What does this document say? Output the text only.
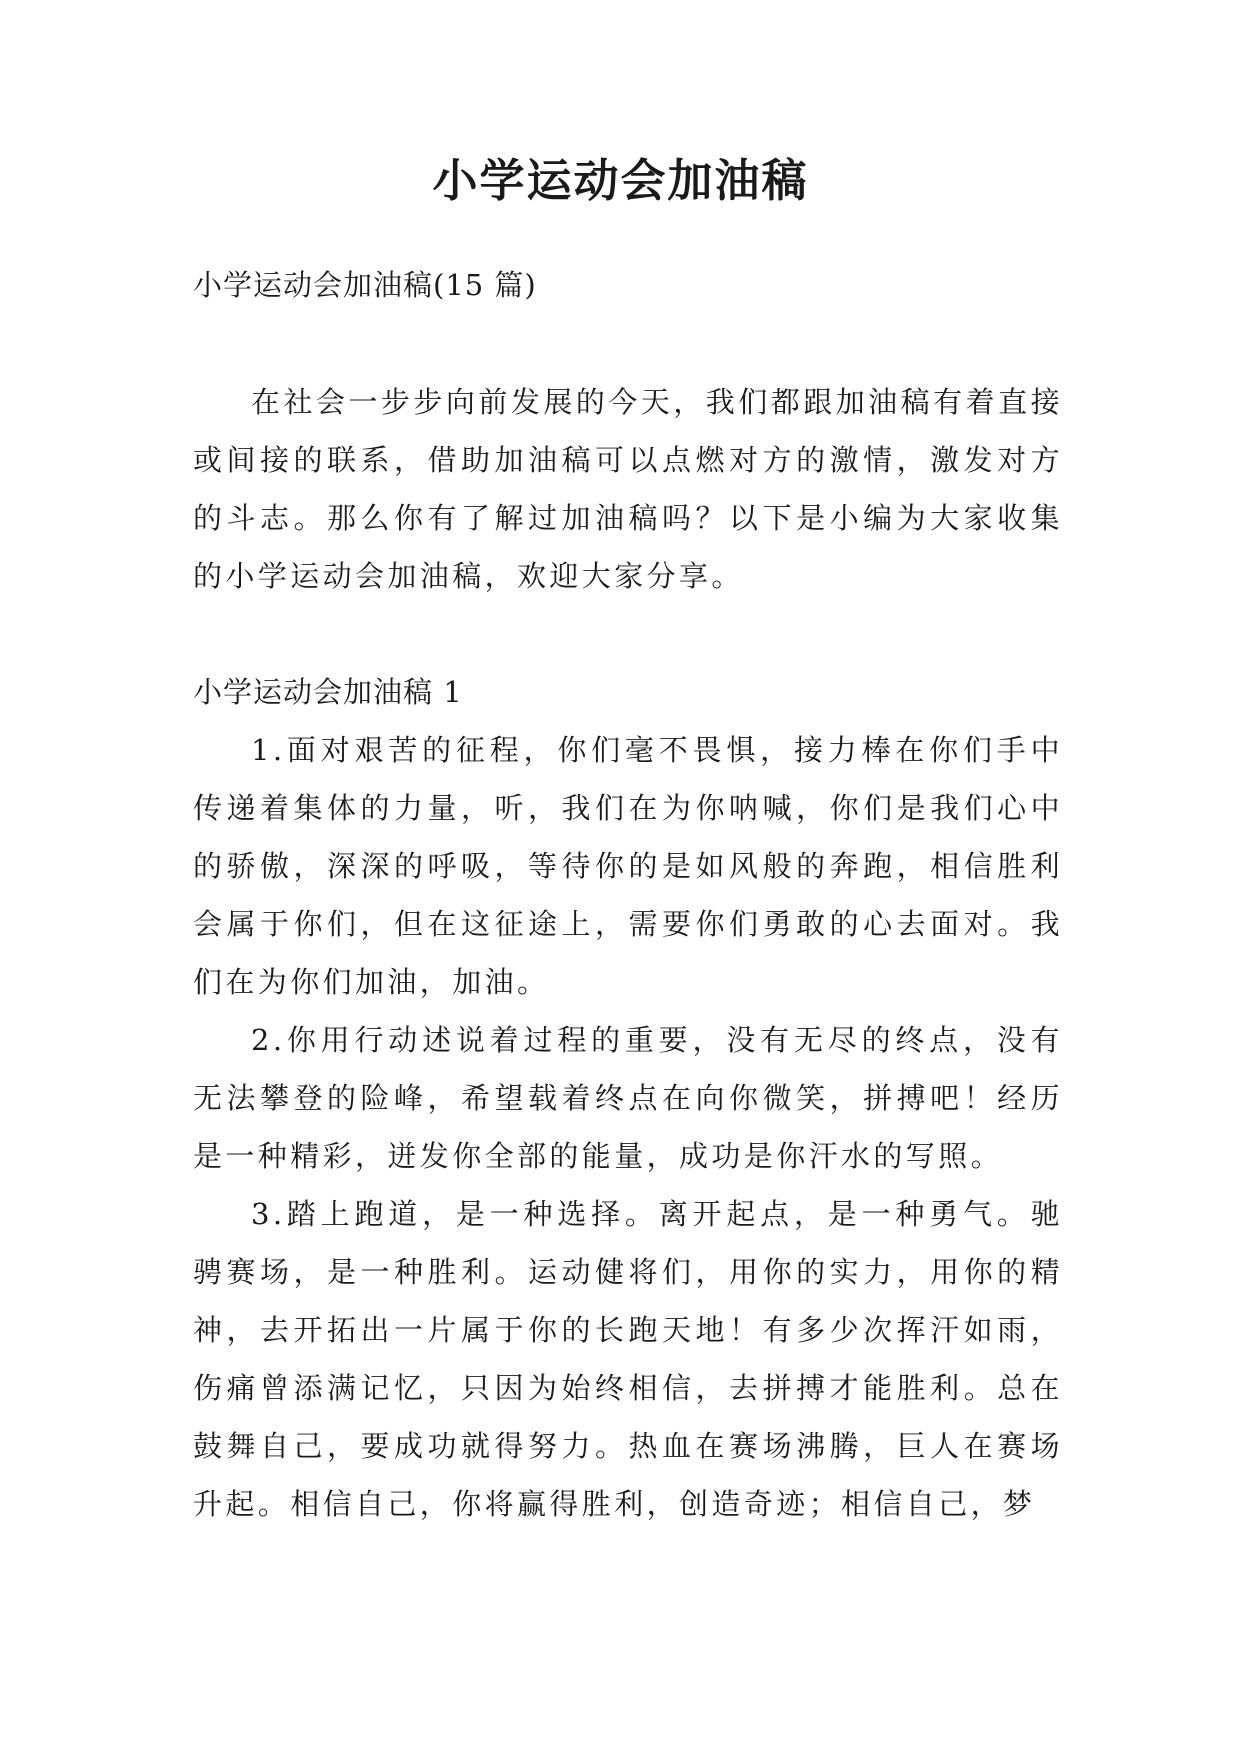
小学运动会加油稿

小学运动会加油稿(15 篇)

在社会一步步向前发展的今天，我们都跟加油稿有着直接或间接的联系，借助加油稿可以点燃对方的激情，激发对方的斗志。那么你有了解过加油稿吗？以下是小编为大家收集的小学运动会加油稿，欢迎大家分享。

小学运动会加油稿 1

1.面对艰苦的征程，你们毫不畏惧，接力棒在你们手中传递着集体的力量，听，我们在为你呐喊，你们是我们心中的骄傲，深深的呼吸，等待你的是如风般的奔跑，相信胜利会属于你们，但在这征途上，需要你们勇敢的心去面对。我们在为你们加油，加油。

2.你用行动述说着过程的重要，没有无尽的终点，没有无法攀登的险峰，希望载着终点在向你微笑，拼搏吧！经历是一种精彩，迸发你全部的能量，成功是你汗水的写照。

3.踏上跑道，是一种选择。离开起点，是一种勇气。驰骋赛场，是一种胜利。运动健将们，用你的实力，用你的精神，去开拓出一片属于你的长跑天地！有多少次挥汗如雨，伤痛曾添满记忆，只因为始终相信，去拼搏才能胜利。总在鼓舞自己，要成功就得努力。热血在赛场沸腾，巨人在赛场升起。相信自己，你将赢得胜利，创造奇迹；相信自己，梦
